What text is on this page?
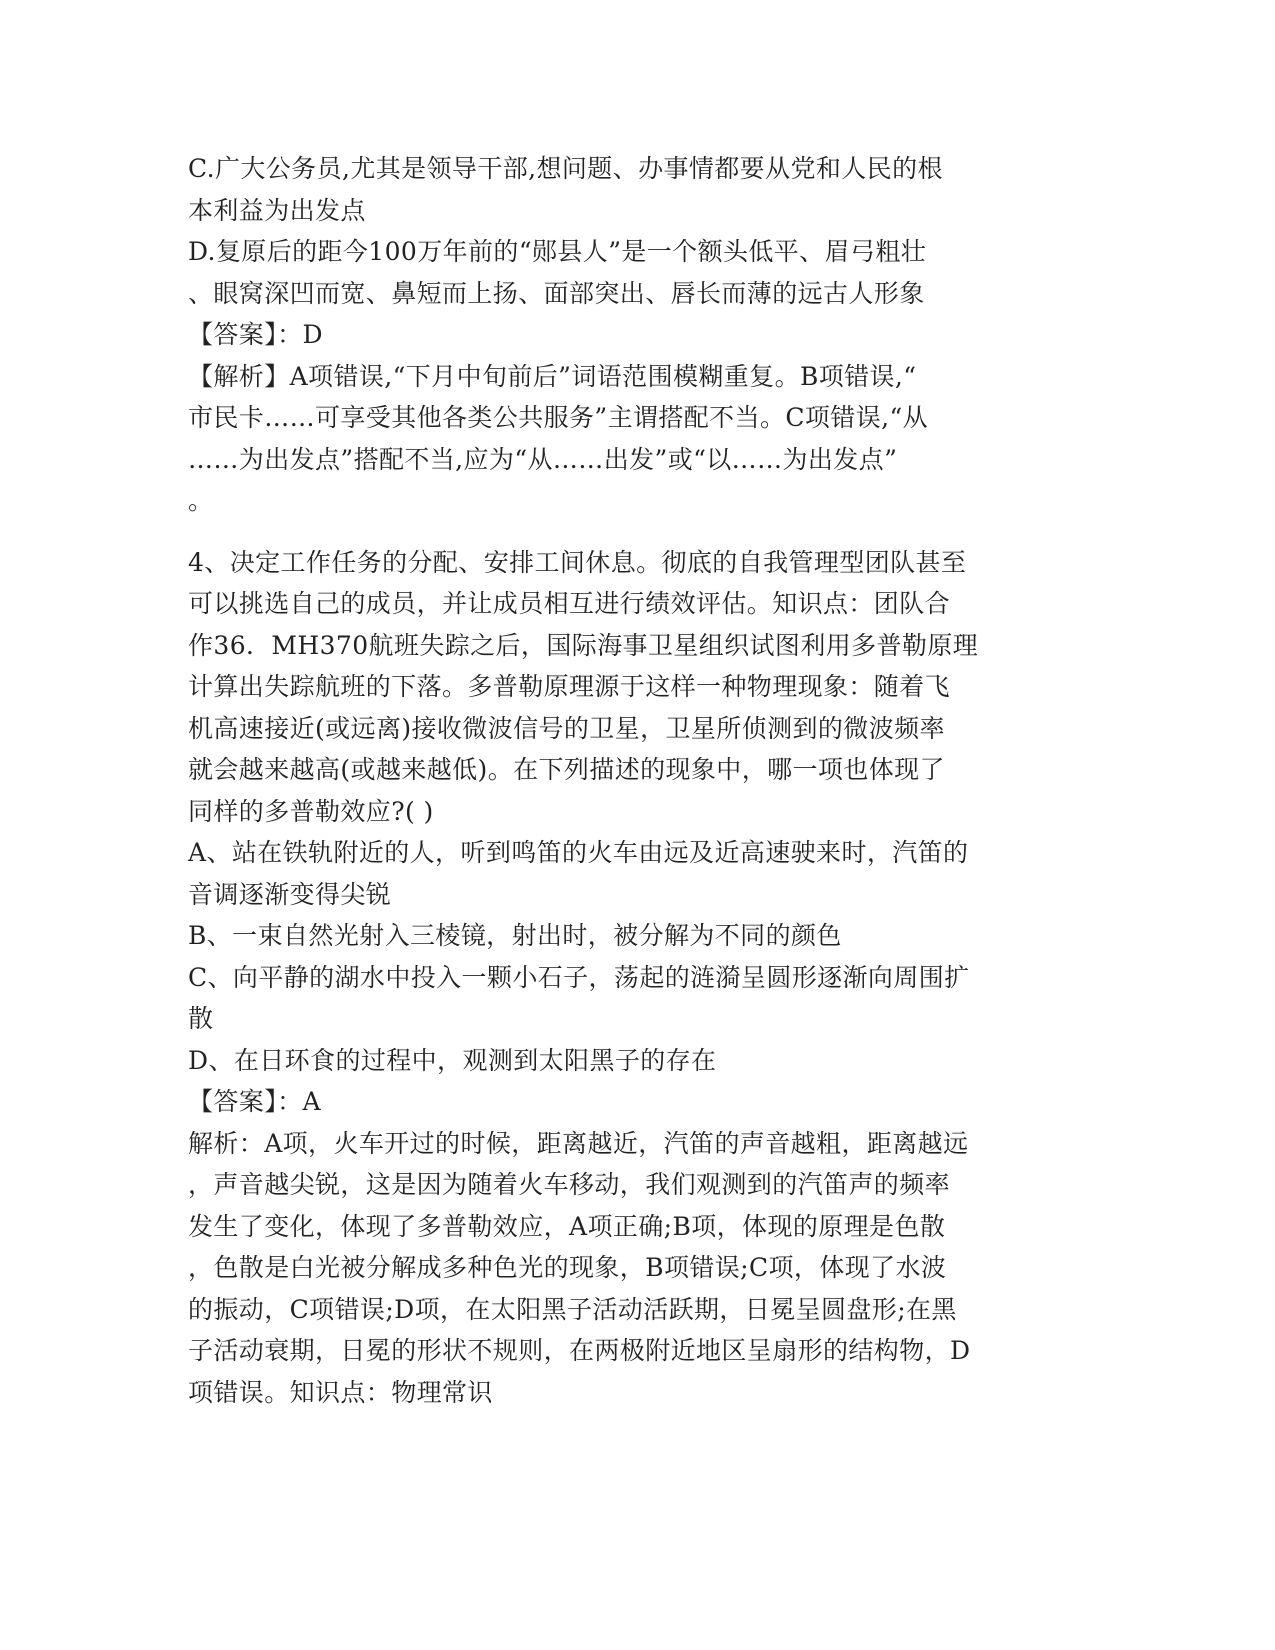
C.广大公务员,尤其是领导干部,想问题、办事情都要从党和人民的根
本利益为出发点
D.复原后的距今100万年前的“郧县人”是一个额头低平、眉弓粗壮
、眼窝深凹而宽、鼻短而上扬、面部突出、唇长而薄的远古人形象
【答案】：D
【解析】A项错误,“下月中旬前后”词语范围模糊重复。B项错误,“
市民卡……可享受其他各类公共服务”主谓搭配不当。C项错误,“从
……为出发点”搭配不当,应为“从……出发”或“以……为出发点”
。
4、决定工作任务的分配、安排工间休息。彻底的自我管理型团队甚至
可以挑选自己的成员，并让成员相互进行绩效评估。知识点：团队合
作36．MH370航班失踪之后，国际海事卫星组织试图利用多普勒原理
计算出失踪航班的下落。多普勒原理源于这样一种物理现象：随着飞
机高速接近(或远离)接收微波信号的卫星，卫星所侦测到的微波频率
就会越来越高(或越来越低)。在下列描述的现象中，哪一项也体现了
同样的多普勒效应?( )
A、站在铁轨附近的人，听到鸣笛的火车由远及近高速驶来时，汽笛的
音调逐渐变得尖锐
B、一束自然光射入三棱镜，射出时，被分解为不同的颜色
C、向平静的湖水中投入一颗小石子，荡起的涟漪呈圆形逐渐向周围扩
散
D、在日环食的过程中，观测到太阳黑子的存在
【答案】：A
解析：A项，火车开过的时候，距离越近，汽笛的声音越粗，距离越远
，声音越尖锐，这是因为随着火车移动，我们观测到的汽笛声的频率
发生了变化，体现了多普勒效应，A项正确;B项，体现的原理是色散
，色散是白光被分解成多种色光的现象，B项错误;C项，体现了水波
的振动，C项错误;D项，在太阳黑子活动活跃期，日冕呈圆盘形;在黑
子活动衰期，日冕的形状不规则，在两极附近地区呈扇形的结构物，D
项错误。知识点：物理常识
